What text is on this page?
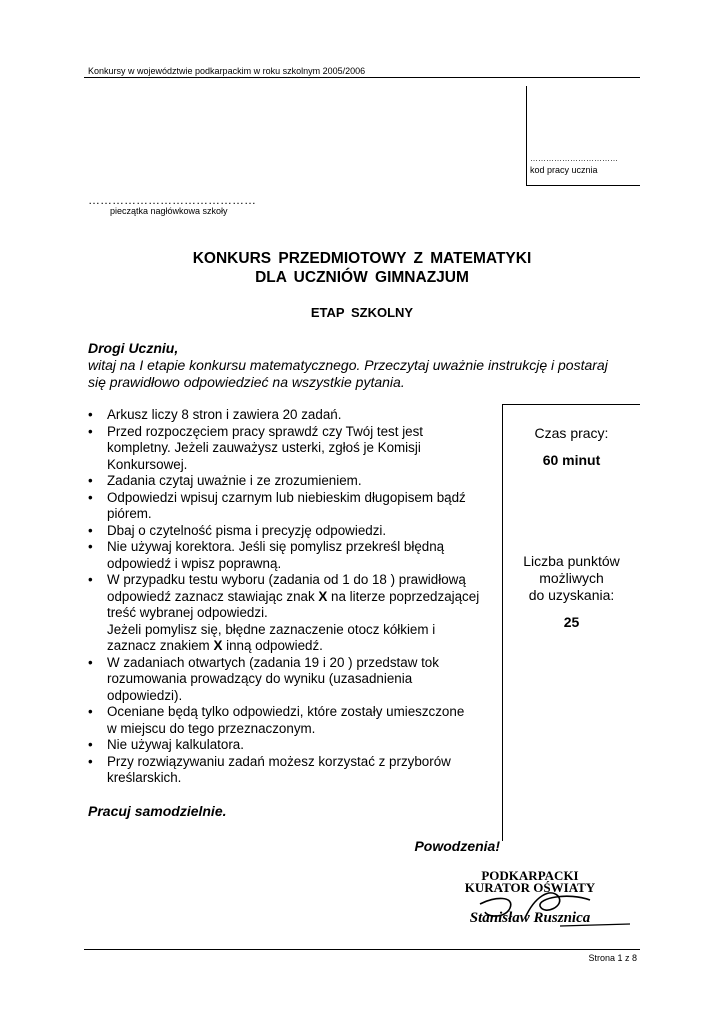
Konkursy w województwie podkarpackim w roku szkolnym 2005/2006
……………………………
kod pracy ucznia
……………………………………
pieczątka nagłówkowa szkoły
KONKURS PRZEDMIOTOWY Z MATEMATYKI
DLA UCZNIÓW GIMNAZJUM
ETAP SZKOLNY
Drogi Uczniu,
witaj na I etapie konkursu matematycznego. Przeczytaj uważnie instrukcję i postaraj
się prawidłowo odpowiedzieć na wszystkie pytania.
• Arkusz liczy 8 stron i zawiera 20 zadań.
• Przed rozpoczęciem pracy sprawdź czy Twój test jest
kompletny. Jeżeli zauważysz usterki, zgłoś je Komisji
Konkursowej.
• Zadania czytaj uważnie i ze zrozumieniem.
• Odpowiedzi wpisuj czarnym lub niebieskim długopisem bądź
piórem.
• Dbaj o czytelność pisma i precyzję odpowiedzi.
• Nie używaj korektora. Jeśli się pomylisz przekreśl błędną
odpowiedź i wpisz poprawną.
• W przypadku testu wyboru (zadania od 1 do 18 ) prawidłową
odpowiedź zaznacz stawiając znak X na literze poprzedzającej
treść wybranej odpowiedzi.
Jeżeli pomylisz się, błędne zaznaczenie otocz kółkiem i
zaznacz znakiem X inną odpowiedź.
• W zadaniach otwartych (zadania 19 i 20 ) przedstaw tok
rozumowania prowadzący do wyniku (uzasadnienia
odpowiedzi).
• Oceniane będą tylko odpowiedzi, które zostały umieszczone
w miejscu do tego przeznaczonym.
• Nie używaj kalkulatora.
• Przy rozwiązywaniu zadań możesz korzystać z przyborów
kreślarskich.
Czas pracy:
60 minut
Liczba punktów
możliwych
do uzyskania:
25
Pracuj samodzielnie.
Powodzenia!
PODKARPACKI
KURATOR OŚWIATY
Stanisław Rusznica
Strona 1 z 8
